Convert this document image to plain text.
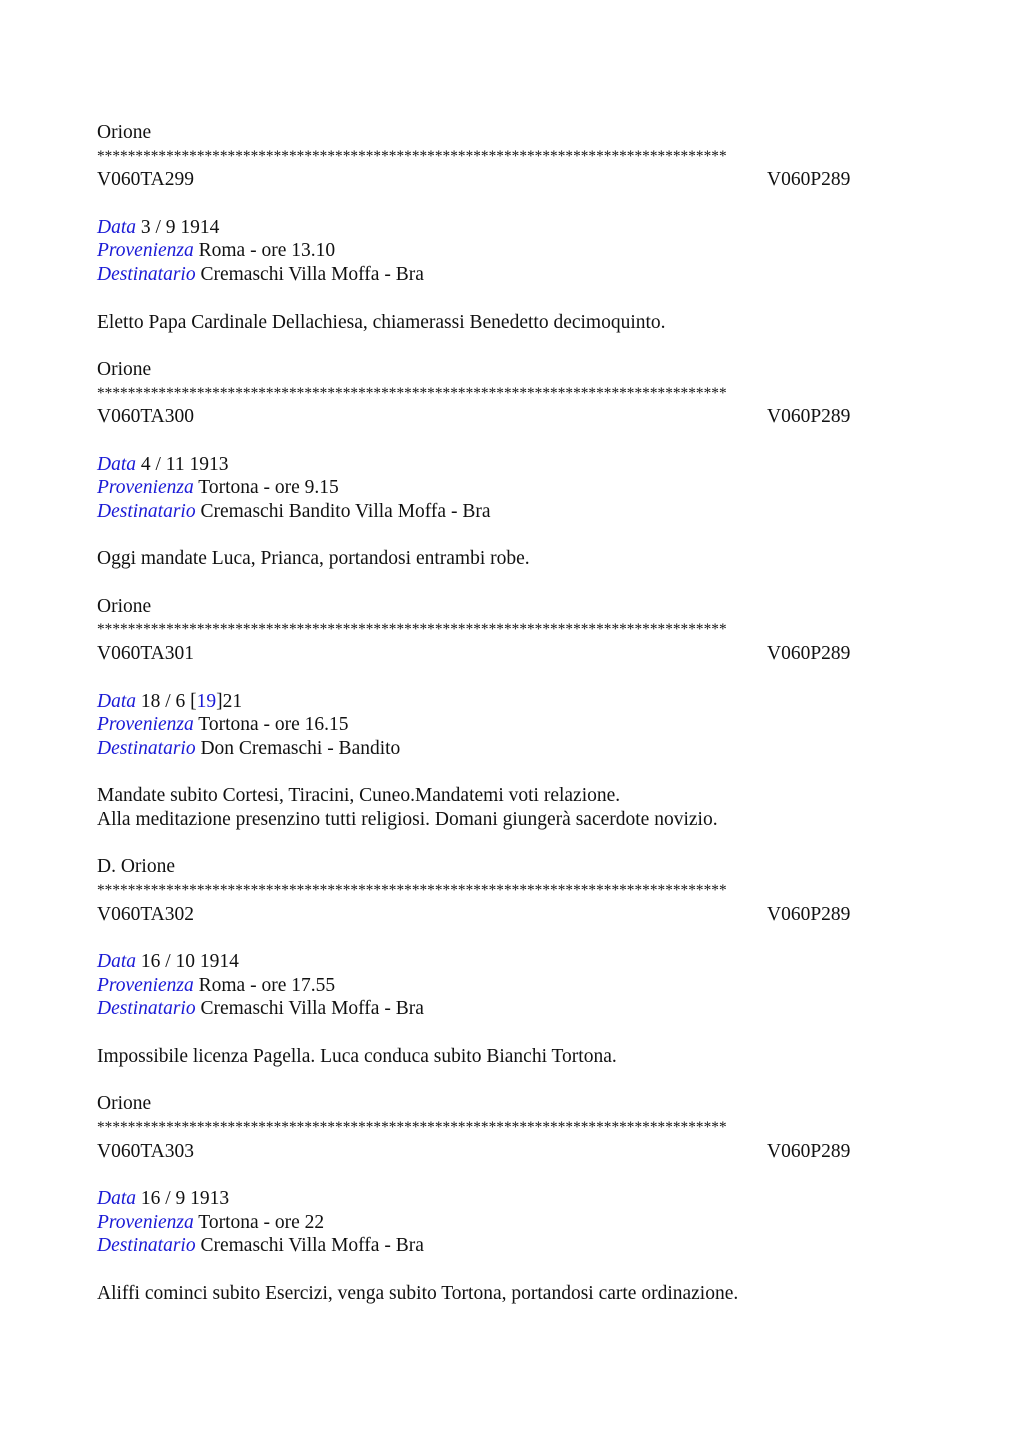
Orione
**********************************************************************************
V060TA299	V060P289
Data 3 / 9 1914
Provenienza Roma - ore 13.10
Destinatario Cremaschi Villa Moffa - Bra
Eletto Papa Cardinale Dellachiesa, chiamerassi Benedetto decimoquinto.
Orione
**********************************************************************************
V060TA300	V060P289
Data 4 / 11 1913
Provenienza Tortona - ore 9.15
Destinatario Cremaschi Bandito Villa Moffa - Bra
Oggi mandate Luca, Prianca, portandosi entrambi robe.
Orione
**********************************************************************************
V060TA301	V060P289
Data 18 / 6 [19]21
Provenienza Tortona - ore 16.15
Destinatario Don Cremaschi - Bandito
Mandate subito Cortesi, Tiracini, Cuneo.Mandatemi voti relazione.
Alla meditazione presenzino tutti religiosi. Domani giungerà sacerdote novizio.
D. Orione
**********************************************************************************
V060TA302	V060P289
Data 16 / 10 1914
Provenienza Roma - ore 17.55
Destinatario Cremaschi Villa Moffa - Bra
Impossibile licenza Pagella. Luca conduca subito Bianchi Tortona.
Orione
**********************************************************************************
V060TA303	V060P289
Data 16 / 9 1913
Provenienza Tortona - ore 22
Destinatario Cremaschi Villa Moffa - Bra
Aliffi cominci subito Esercizi, venga subito Tortona, portandosi carte ordinazione.
